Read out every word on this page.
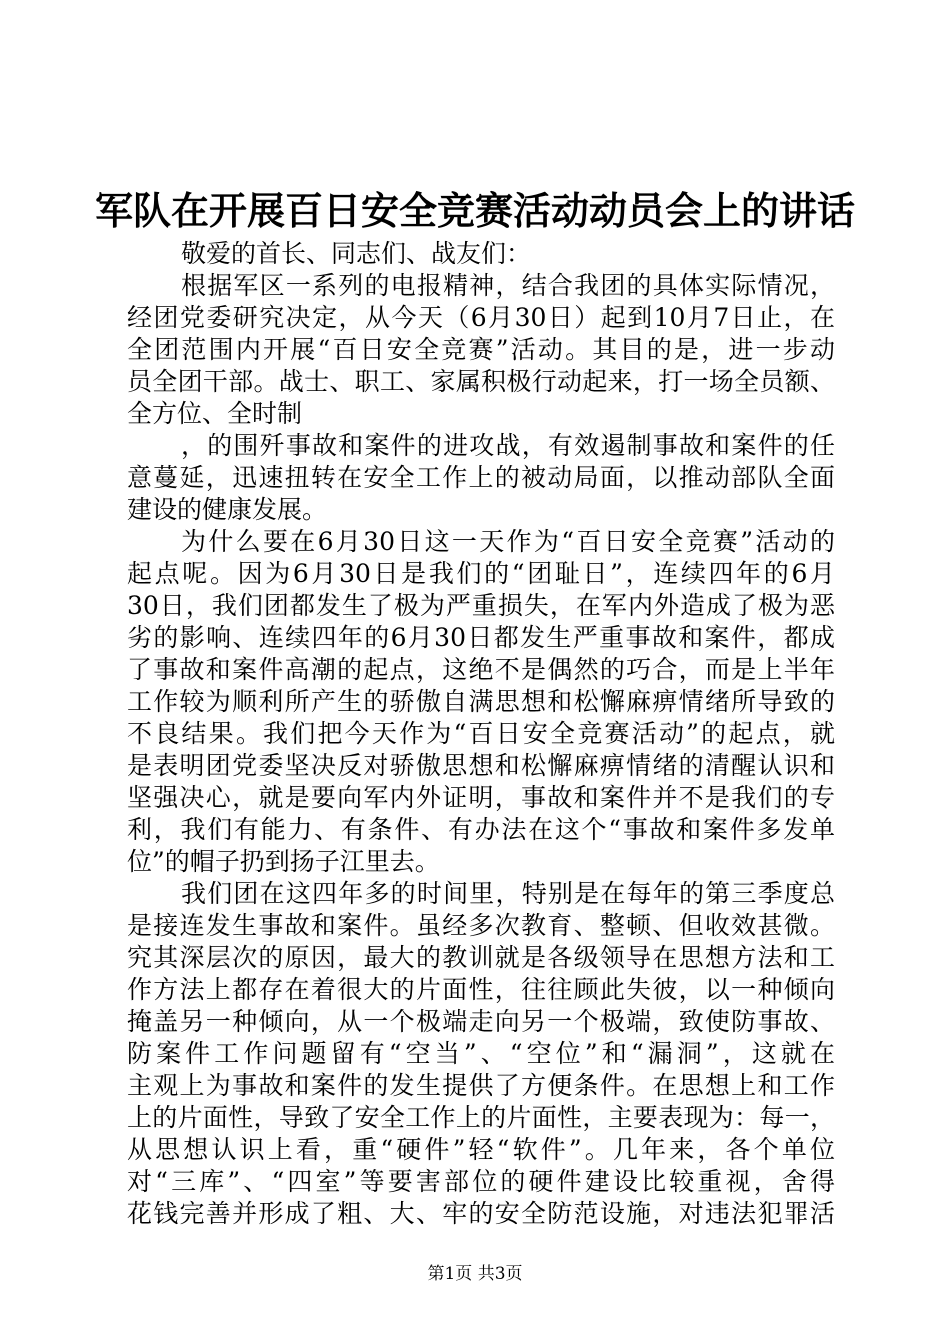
军队在开展百日安全竞赛活动动员会上的讲话
敬爱的首长、同志们、战友们：
根据军区一系列的电报精神，结合我团的具体实际情况，
经团党委研究决定，从今天（6月30日）起到10月7日止，在
全团范围内开展“百日安全竞赛”活动。其目的是，进一步动
员全团干部。战士、职工、家属积极行动起来，打一场全员额、
全方位、全时制
，的围歼事故和案件的进攻战，有效遏制事故和案件的任
意蔓延，迅速扭转在安全工作上的被动局面，以推动部队全面
建设的健康发展。
为什么要在6月30日这一天作为“百日安全竞赛”活动的
起点呢。因为6月30日是我们的“团耻日”，连续四年的6月
30日，我们团都发生了极为严重损失，在军内外造成了极为恶
劣的影响、连续四年的6月30日都发生严重事故和案件，都成
了事故和案件高潮的起点，这绝不是偶然的巧合，而是上半年
工作较为顺利所产生的骄傲自满思想和松懈麻痹情绪所导致的
不良结果。我们把今天作为“百日安全竞赛活动”的起点，就
是表明团党委坚决反对骄傲思想和松懈麻痹情绪的清醒认识和
坚强决心，就是要向军内外证明，事故和案件并不是我们的专
利，我们有能力、有条件、有办法在这个“事故和案件多发单
位”的帽子扔到扬子江里去。
我们团在这四年多的时间里，特别是在每年的第三季度总
是接连发生事故和案件。虽经多次教育、整顿、但收效甚微。
究其深层次的原因，最大的教训就是各级领导在思想方法和工
作方法上都存在着很大的片面性，往往顾此失彼，以一种倾向
掩盖另一种倾向，从一个极端走向另一个极端，致使防事故、
防案件工作问题留有“空当”、“空位”和“漏洞”，这就在
主观上为事故和案件的发生提供了方便条件。在思想上和工作
上的片面性，导致了安全工作上的片面性，主要表现为：每一，
从思想认识上看，重“硬件”轻“软件”。几年来，各个单位
对“三库”、“四室”等要害部位的硬件建设比较重视，舍得
花钱完善并形成了粗、大、牢的安全防范设施，对违法犯罪活
第1页 共3页
